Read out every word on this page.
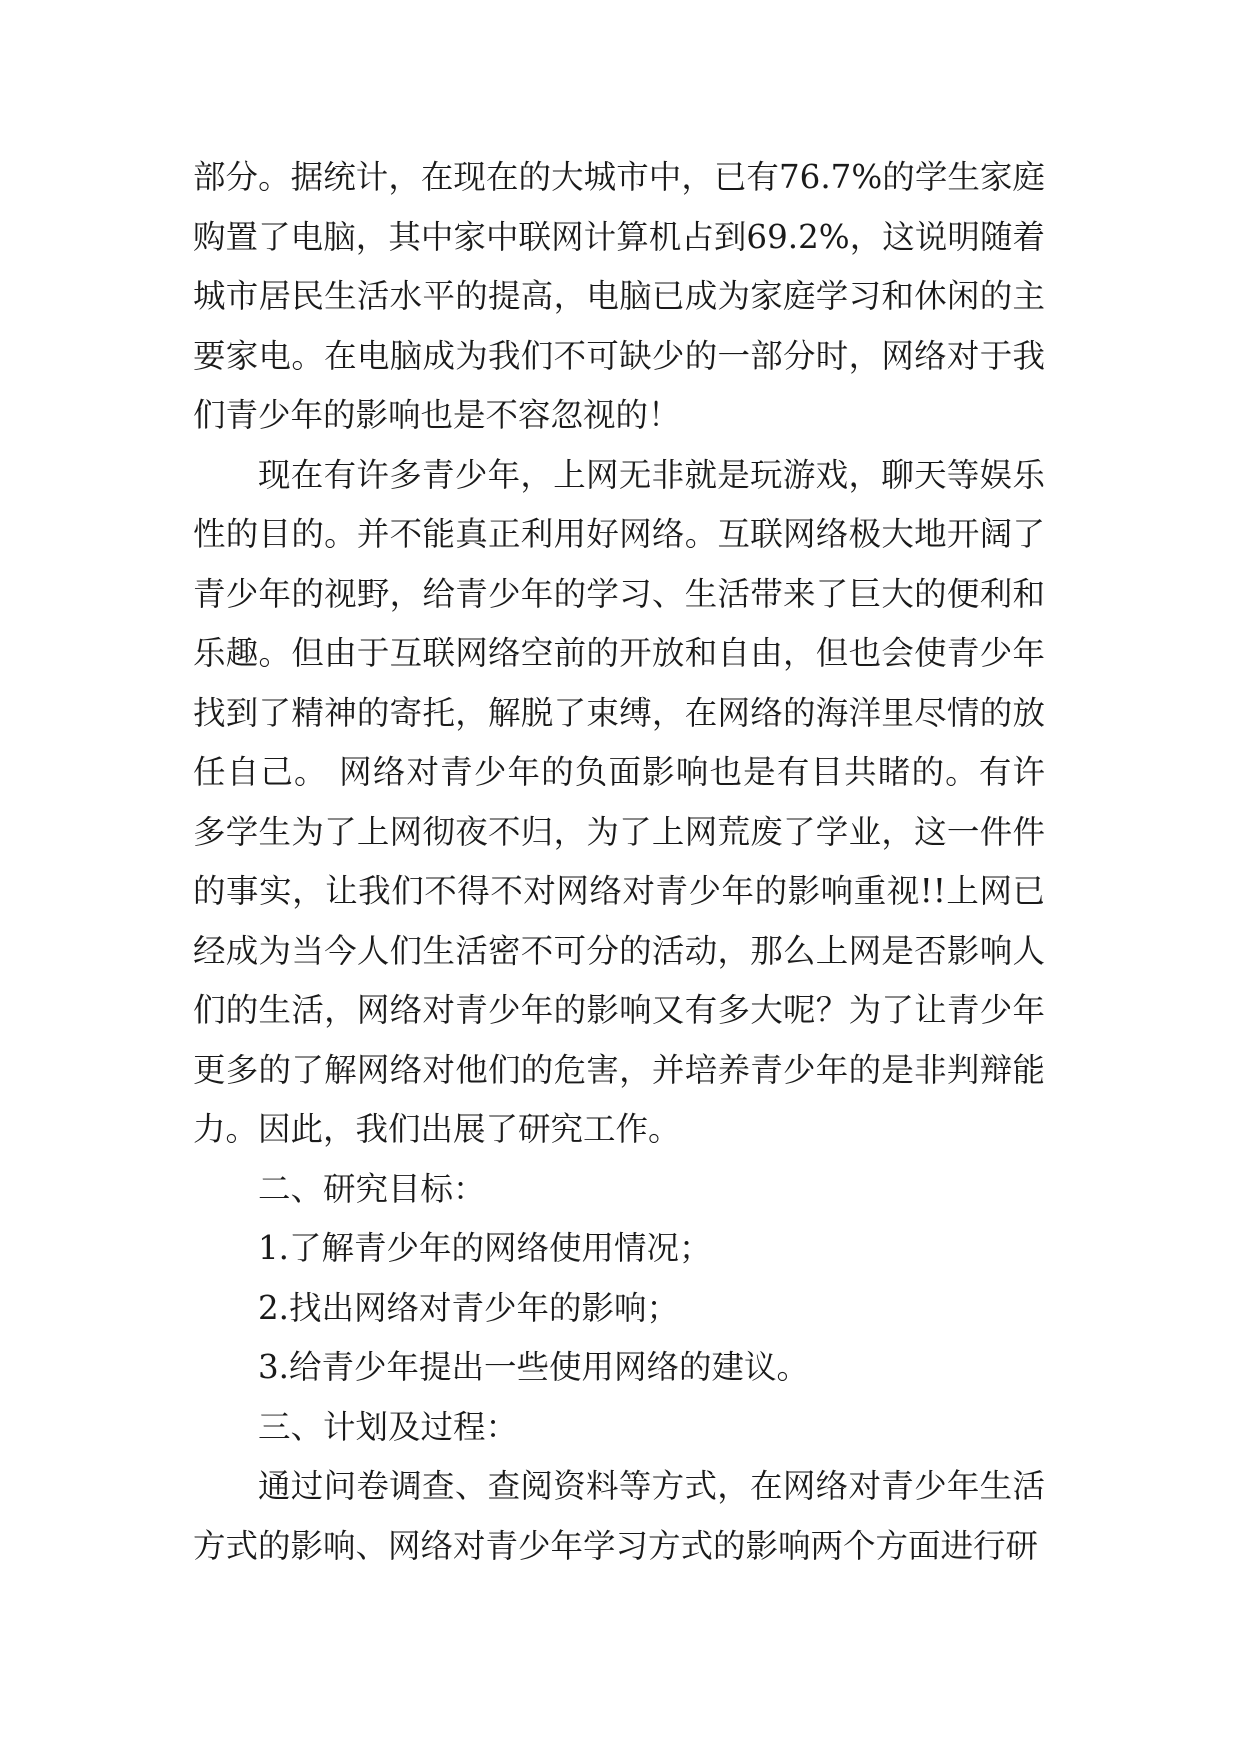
部分。据统计，在现在的大城市中，已有76.7%的学生家庭购置了电脑，其中家中联网计算机占到69.2%，这说明随着城市居民生活水平的提高，电脑已成为家庭学习和休闲的主要家电。在电脑成为我们不可缺少的一部分时，网络对于我们青少年的影响也是不容忽视的！

现在有许多青少年，上网无非就是玩游戏，聊天等娱乐性的目的。并不能真正利用好网络。互联网络极大地开阔了青少年的视野，给青少年的学习、生活带来了巨大的便利和乐趣。但由于互联网络空前的开放和自由，但也会使青少年找到了精神的寄托，解脱了束缚，在网络的海洋里尽情的放任自己。 网络对青少年的负面影响也是有目共睹的。有许多学生为了上网彻夜不归，为了上网荒废了学业，这一件件的事实，让我们不得不对网络对青少年的影响重视!!上网已经成为当今人们生活密不可分的活动，那么上网是否影响人们的生活，网络对青少年的影响又有多大呢？为了让青少年更多的了解网络对他们的危害，并培养青少年的是非判辩能力。因此，我们出展了研究工作。

二、研究目标：

1.了解青少年的网络使用情况；

2.找出网络对青少年的影响；

3.给青少年提出一些使用网络的建议。

三、计划及过程：

通过问卷调查、查阅资料等方式，在网络对青少年生活方式的影响、网络对青少年学习方式的影响两个方面进行研
